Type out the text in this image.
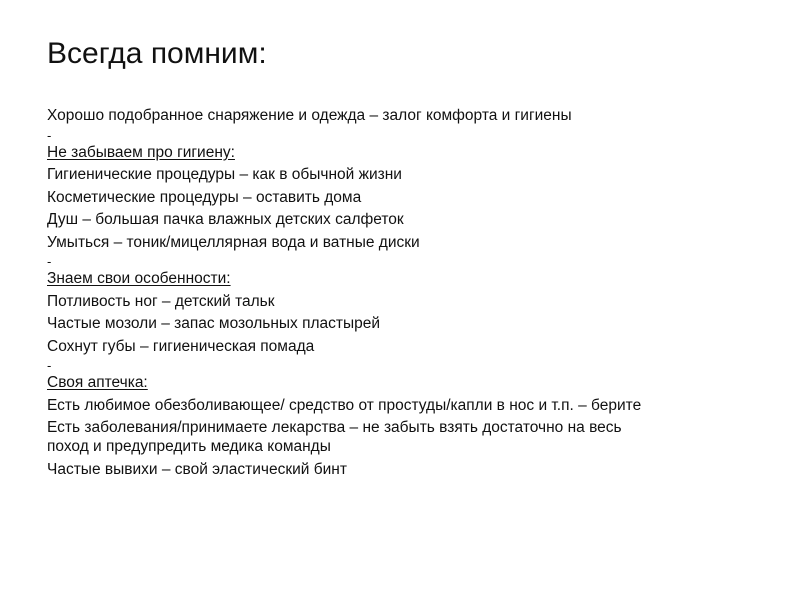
Всегда помним:
Хорошо подобранное снаряжение и одежда – залог комфорта и гигиены
-
Не забываем про гигиену:
Гигиенические процедуры – как в обычной жизни
Косметические процедуры – оставить дома
Душ – большая пачка влажных детских салфеток
Умыться – тоник/мицеллярная вода и ватные диски
-
Знаем свои особенности:
Потливость ног – детский тальк
Частые мозоли – запас мозольных пластырей
Сохнут губы – гигиеническая помада
-
Своя аптечка:
Есть любимое обезболивающее/ средство от простуды/капли в нос и т.п. – берите
Есть заболевания/принимаете лекарства – не забыть взять достаточно на весь
поход и предупредить медика команды
Частые вывихи – свой эластический бинт
